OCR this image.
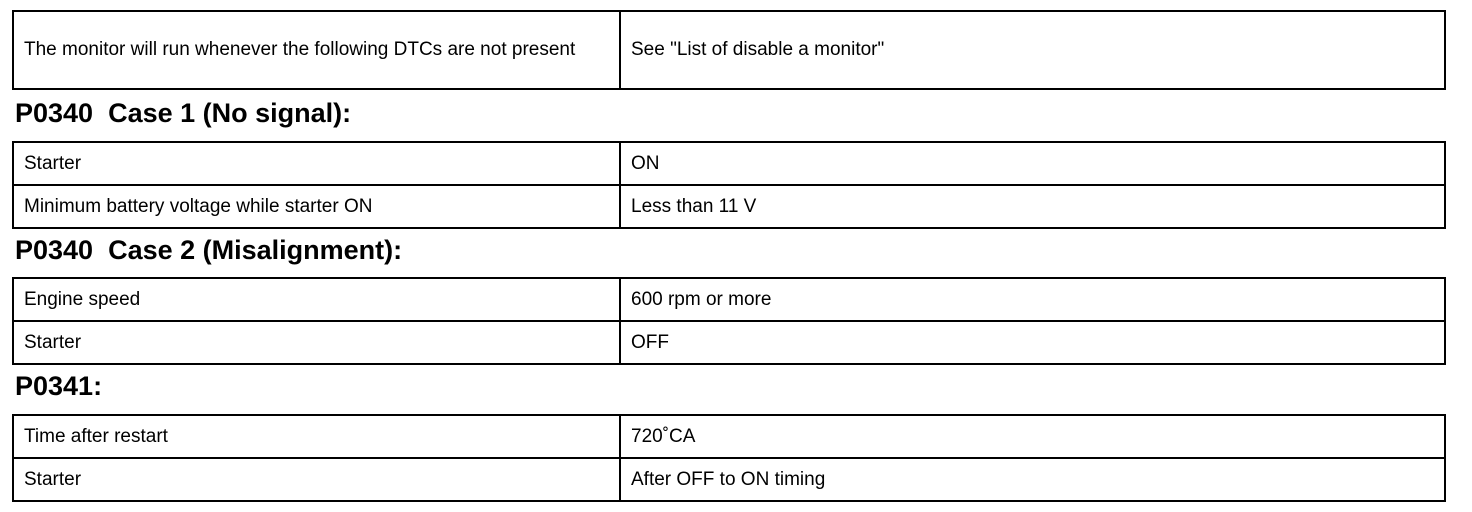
The monitor will run whenever the following DTCs are not present	See "List of disable a monitor"
P0340  Case 1 (No signal):
Starter	ON
Minimum battery voltage while starter ON	Less than 11 V
P0340  Case 2 (Misalignment):
Engine speed	600 rpm or more
Starter	OFF
P0341:
Time after restart	720˚CA
Starter	After OFF to ON timing
